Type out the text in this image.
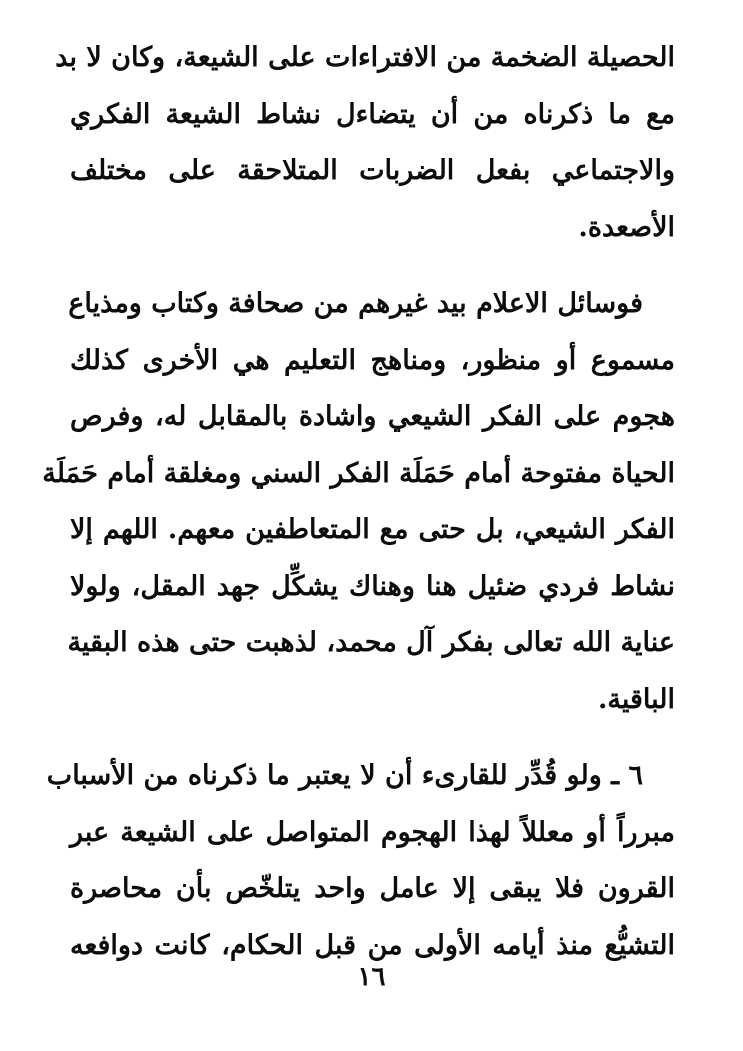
الحصيلة الضخمة من الافتراءات على الشيعة، وكان لا بد
مع ما ذكرناه من أن يتضاءل نشاط الشيعة الفكري
والاجتماعي بفعل الضربات المتلاحقة على مختلف
الأصعدة.
فوسائل الاعلام بيد غيرهم من صحافة وكتاب ومذياع
مسموع أو منظور، ومناهج التعليم هي الأخرى كذلك
هجوم على الفكر الشيعي واشادة بالمقابل له، وفرص
الحياة مفتوحة أمام حَمَلَة الفكر السني ومغلقة أمام حَمَلَة
الفكر الشيعي، بل حتى مع المتعاطفين معهم. اللهم إلا
نشاط فردي ضئيل هنا وهناك يشكِّل جهد المقل، ولولا
عناية الله تعالى بفكر آل محمد، لذهبت حتى هذه البقية
الباقية.
٦ ـ ولو قُدِّر للقارىء أن لا يعتبر ما ذكرناه من الأسباب
مبرراً أو معللاً لهذا الهجوم المتواصل على الشيعة عبر
القرون فلا يبقى إلا عامل واحد يتلخّص بأن محاصرة
التشيُّع منذ أيامه الأولى من قبل الحكام، كانت دوافعه
١٦
